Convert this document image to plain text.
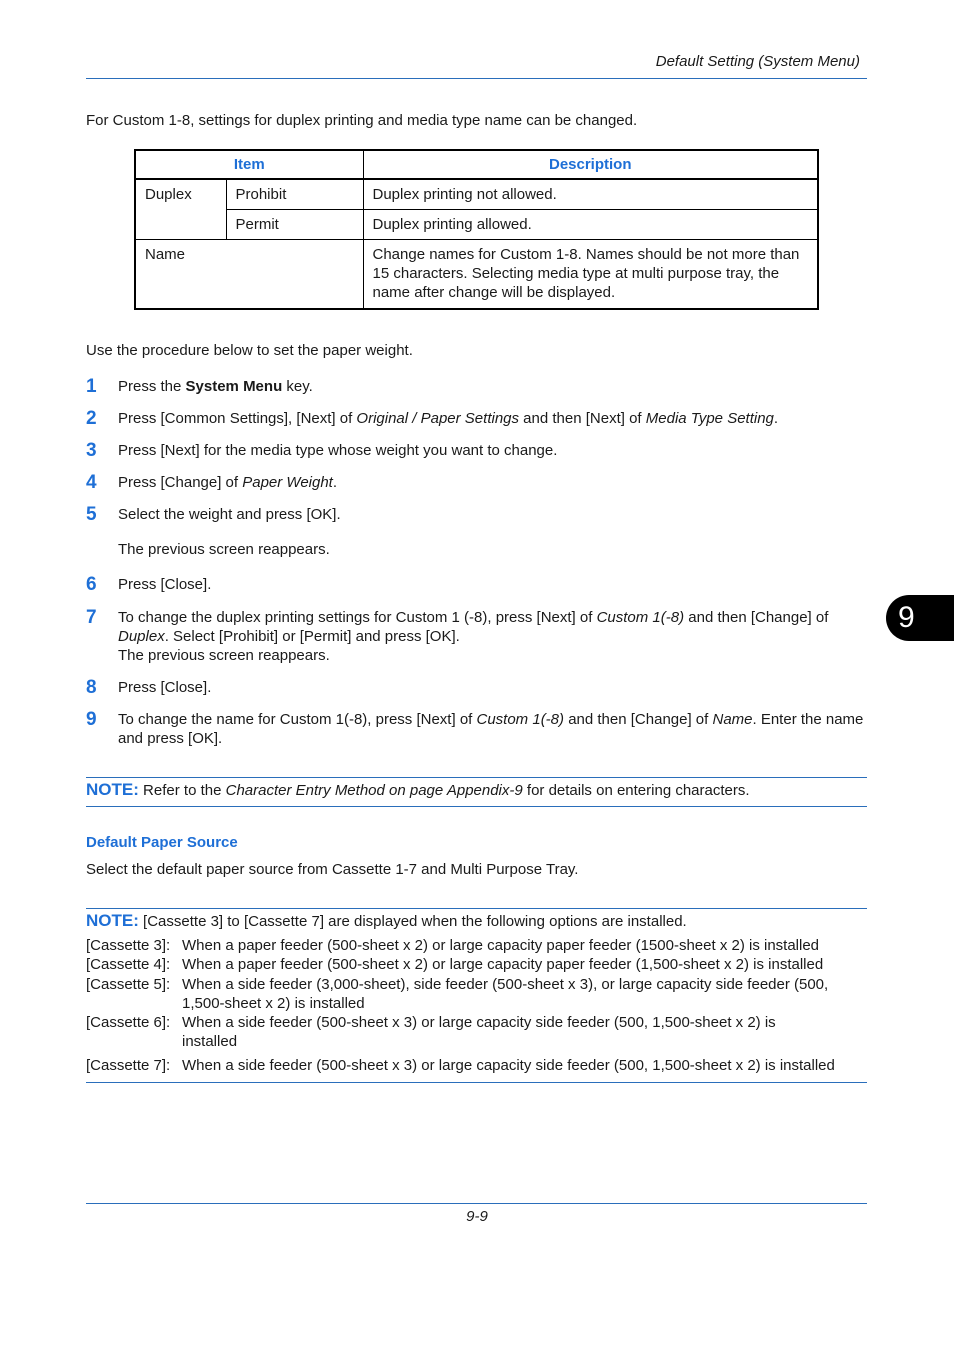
Default Setting (System Menu)
For Custom 1-8, settings for duplex printing and media type name can be changed.
Item		Description
Duplex	Prohibit	Duplex printing not allowed.
	Permit	Duplex printing allowed.
Name		Change names for Custom 1-8. Names should be not more than 15 characters. Selecting media type at multi purpose tray, the name after change will be displayed.
Use the procedure below to set the paper weight.
1 Press the System Menu key.
2 Press [Common Settings], [Next] of Original / Paper Settings and then [Next] of Media Type Setting.
3 Press [Next] for the media type whose weight you want to change.
4 Press [Change] of Paper Weight.
5 Select the weight and press [OK].
The previous screen reappears.
6 Press [Close].
7 To change the duplex printing settings for Custom 1 (-8), press [Next] of Custom 1(-8) and then [Change] of Duplex. Select [Prohibit] or [Permit] and press [OK].
The previous screen reappears.
8 Press [Close].
9 To change the name for Custom 1(-8), press [Next] of Custom 1(-8) and then [Change] of Name. Enter the name and press [OK].
9
NOTE: Refer to the Character Entry Method on page Appendix-9 for details on entering characters.
Default Paper Source
Select the default paper source from Cassette 1-7 and Multi Purpose Tray.
NOTE: [Cassette 3] to [Cassette 7] are displayed when the following options are installed.
[Cassette 3]: When a paper feeder (500-sheet x 2) or large capacity paper feeder (1500-sheet x 2) is installed
[Cassette 4]: When a paper feeder (500-sheet x 2) or large capacity paper feeder (1,500-sheet x 2) is installed
[Cassette 5]: When a side feeder (3,000-sheet), side feeder (500-sheet x 3), or large capacity side feeder (500, 1,500-sheet x 2) is installed
[Cassette 6]: When a side feeder (500-sheet x 3) or large capacity side feeder (500, 1,500-sheet x 2) is installed
[Cassette 7]: When a side feeder (500-sheet x 3) or large capacity side feeder (500, 1,500-sheet x 2) is installed
9-9
